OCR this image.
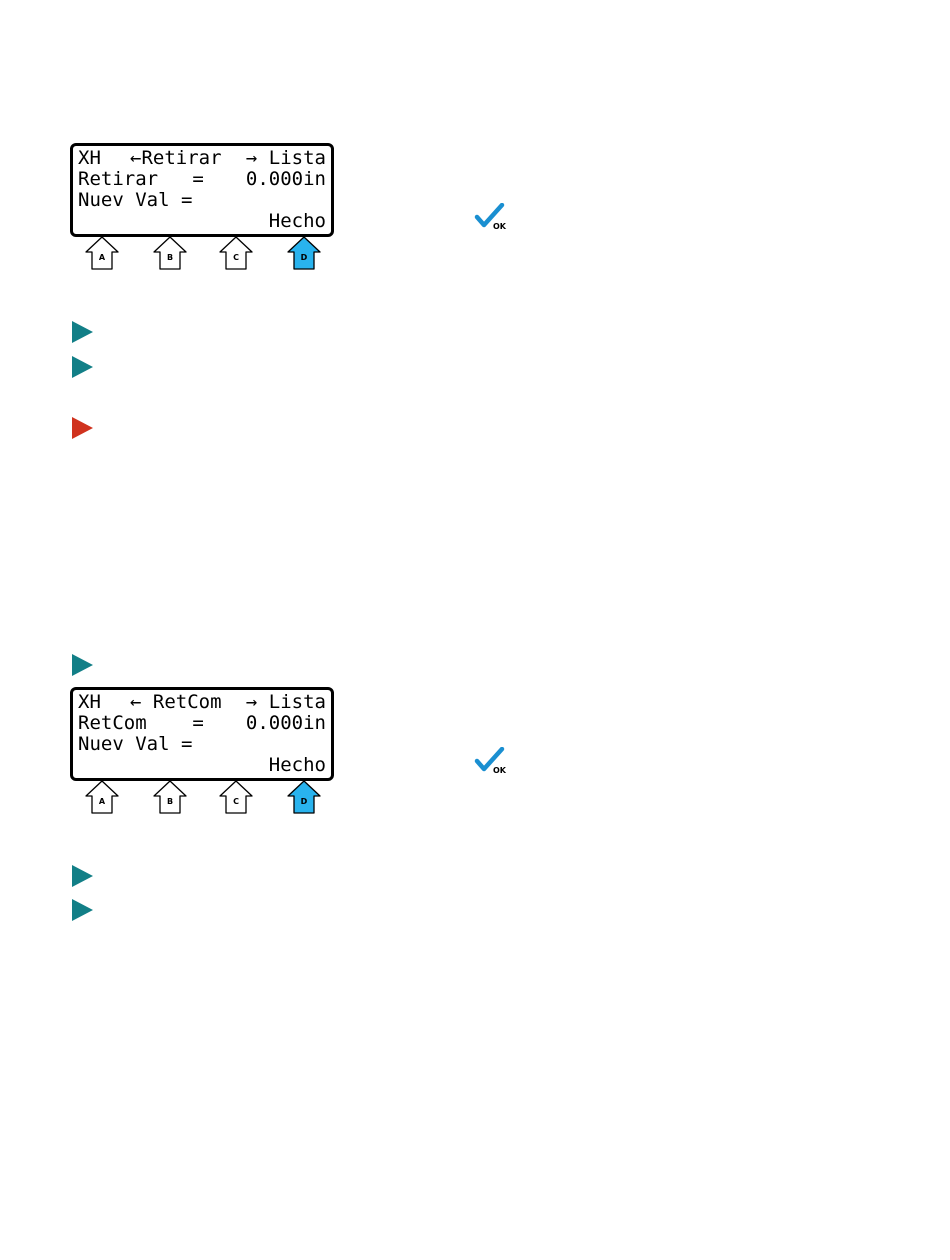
XH

←Retirar

→ Lista

Retirar   =

0.000in

Nuev Val =

Hecho

A	B	C	D
OK

XH

← RetCom

→ Lista

RetCom    =

0.000in

Nuev Val =

Hecho

A	B	C	D
OK
